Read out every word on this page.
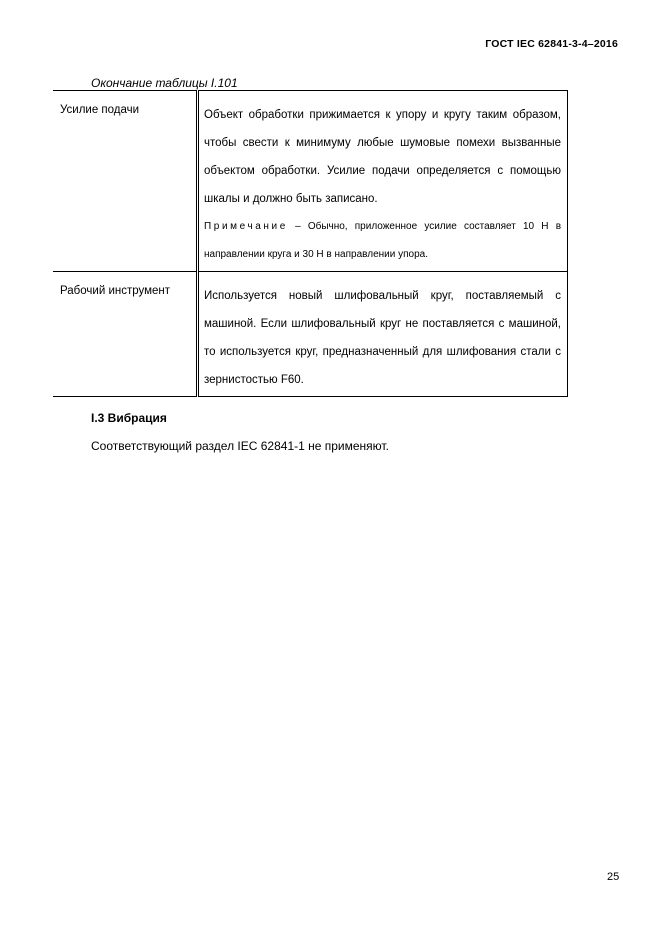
ГОСТ IEC 62841-3-4–2016
Окончание таблицы I.101
Усилие подачи	Объект обработки прижимается к упору и кругу таким образом, чтобы свести к минимуму любые шумовые помехи вызванные объектом обработки. Усилие подачи определяется с помощью шкалы и должно быть записано.
Примечание – Обычно, приложенное усилие составляет 10 Н в направлении круга и 30 Н в направлении упора.

Рабочий инструмент	Используется новый шлифовальный круг, поставляемый с машиной. Если шлифовальный круг не поставляется с машиной, то используется круг, предназначенный для шлифования стали с зернистостью F60.
I.3 Вибрация
Соответствующий раздел IEC 62841-1 не применяют.
25
